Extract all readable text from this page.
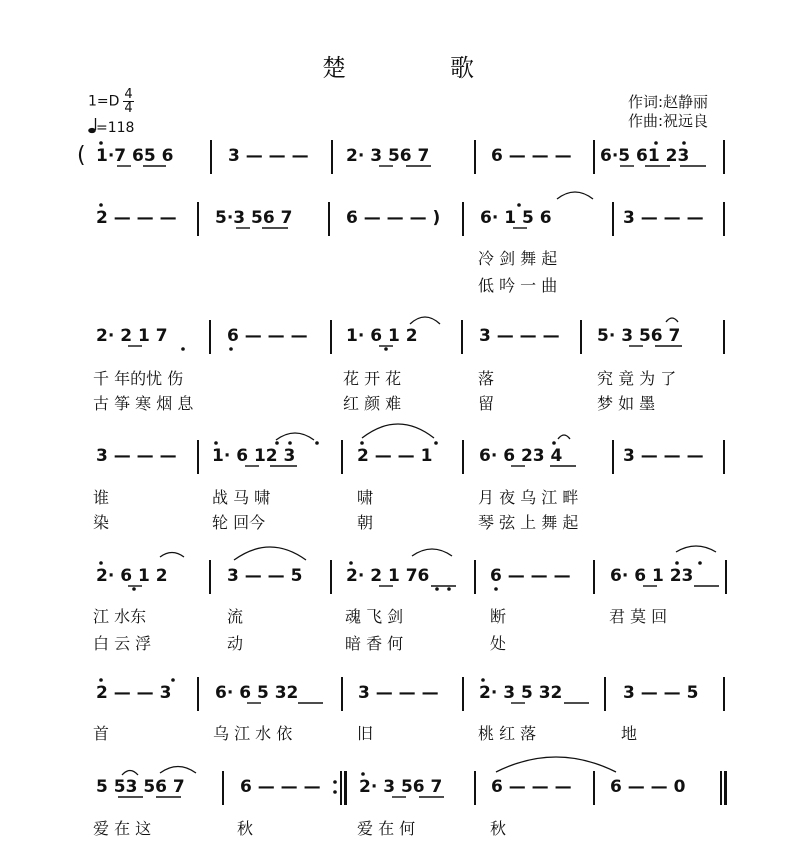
楚　歌
$1=D \frac{4}{4}$
=118
作词:赵静丽
作曲:祝远良
( 1·7 65 6	3 — — — 2· 3 56 7	6 — — — 6·5 61 23
2 — — — 5·3 56 7	6 — — — ) 6· 1 5 6	3 — — —
冷 剑 舞 起
低 吟 一 曲
2· 2 1 7	6 — — — 1· 6 1 2	3 — — — 5· 3 56 7
千 年的忧 伤	花 开 花	落	究 竟 为 了
古 筝 寒 烟 息	红 颜 难	留	梦 如 墨
3 — — — 1· 6 12 3	2 — — 1	6· 6 23 4	3 — — —
谁	战 马 啸	啸	月 夜 乌 江 畔
染	轮 回今	朝	琴 弦 上 舞 起
2· 6 1 2	3 — — 5	2· 2 1 76	6 — — — 6· 6 1 23
江 水东	流	魂 飞 剑	断	君 莫 回
白 云 浮	动	暗 香 何	处
2 — — 3	6· 6 5 32	3 — — — 2· 3 5 32	3 — — 5
首	乌 江 水 依	旧	桃 红 落	地
5 53 56 7	6 — — — 2· 3 56 7	6 — — — 6 — — 0
爱 在 这	秋	爱 在 何	秋
